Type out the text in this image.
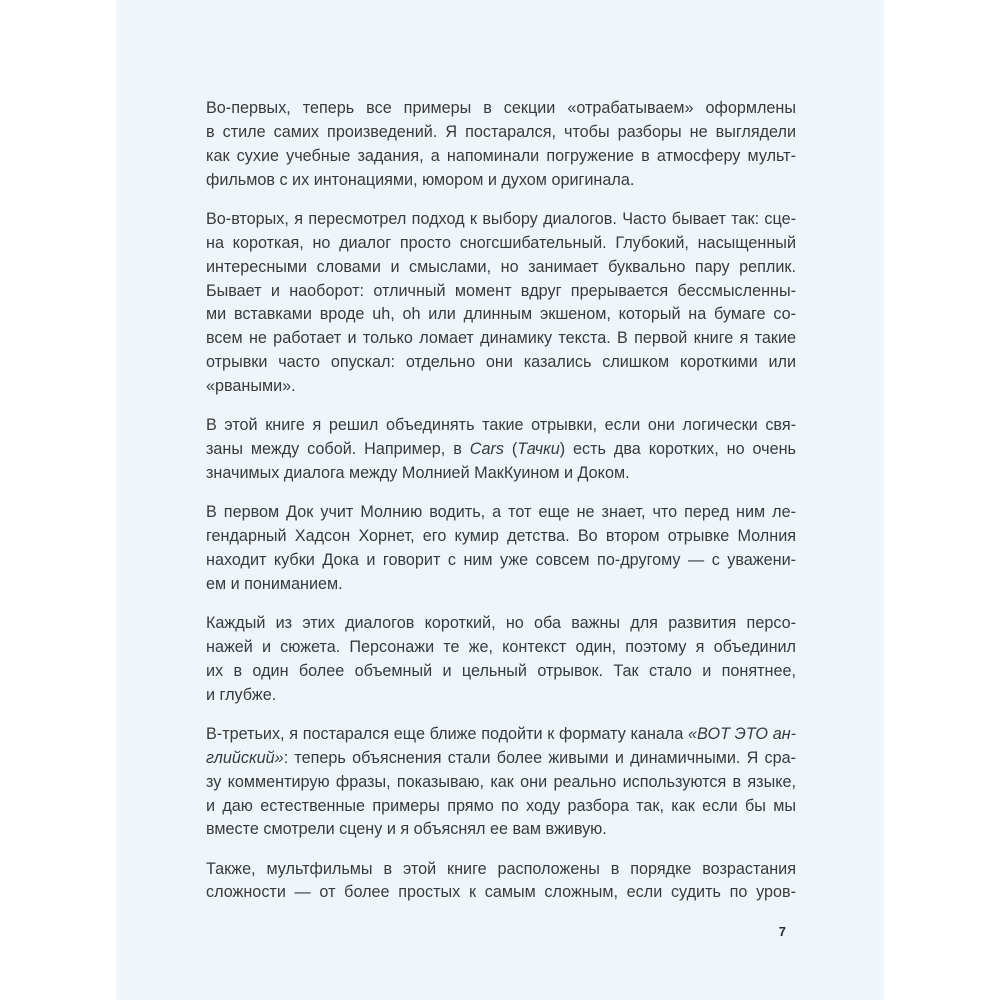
Во-первых, теперь все примеры в секции «отрабатываем» оформлены
в стиле самих произведений. Я постарался, чтобы разборы не выглядели
как сухие учебные задания, а напоминали погружение в атмосферу мульт-
фильмов с их интонациями, юмором и духом оригинала.

Во-вторых, я пересмотрел подход к выбору диалогов. Часто бывает так: сце-
на короткая, но диалог просто сногсшибательный. Глубокий, насыщенный
интересными словами и смыслами, но занимает буквально пару реплик.
Бывает и наоборот: отличный момент вдруг прерывается бессмысленны-
ми вставками вроде uh, oh или длинным экшеном, который на бумаге со-
всем не работает и только ломает динамику текста. В первой книге я такие
отрывки часто опускал: отдельно они казались слишком короткими или
«рваными».

В этой книге я решил объединять такие отрывки, если они логически свя-
заны между собой. Например, в Cars (Тачки) есть два коротких, но очень
значимых диалога между Молнией МакКуином и Доком.

В первом Док учит Молнию водить, а тот еще не знает, что перед ним ле-
гендарный Хадсон Хорнет, его кумир детства. Во втором отрывке Молния
находит кубки Дока и говорит с ним уже совсем по-другому — с уважени-
ем и пониманием.

Каждый из этих диалогов короткий, но оба важны для развития персо-
нажей и сюжета. Персонажи те же, контекст один, поэтому я объединил
их в один более объемный и цельный отрывок. Так стало и понятнее,
и глубже.

В-третьих, я постарался еще ближе подойти к формату канала «ВОТ ЭТО ан-
глийский»: теперь объяснения стали более живыми и динамичными. Я сра-
зу комментирую фразы, показываю, как они реально используются в языке,
и даю естественные примеры прямо по ходу разбора так, как если бы мы
вместе смотрели сцену и я объяснял ее вам вживую.

Также, мультфильмы в этой книге расположены в порядке возрастания
сложности — от более простых к самым сложным, если судить по уров-

7
